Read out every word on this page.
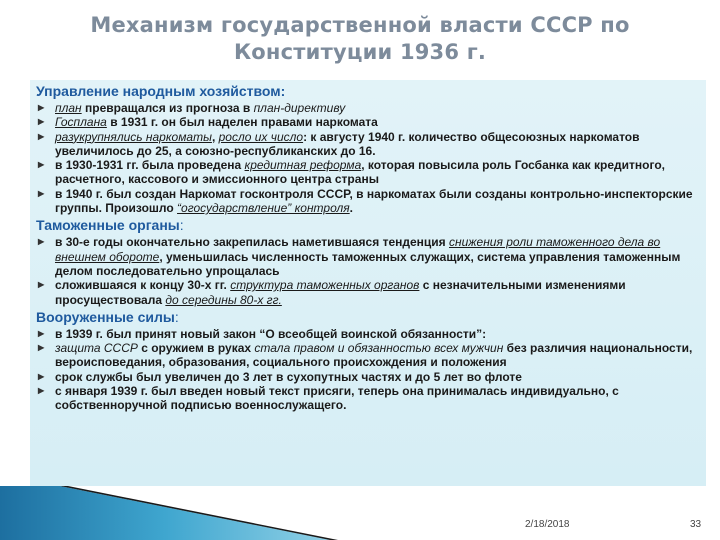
Механизм государственной власти СССР по
Конституции 1936 г.
Управление народным хозяйством:
▶ план превращался из прогноза в план-директиву
▶ Госплана в 1931 г. он был наделен правами наркомата
▶ разукрупнялись наркоматы, росло их число: к августу 1940 г. количество общесоюзных наркоматов увеличилось до 25, а союзно-республиканских до 16.
▶ в 1930-1931 гг. была проведена кредитная реформа, которая повысила роль Госбанка как кредитного, расчетного, кассового и эмиссионного центра страны
▶ в 1940 г. был создан Наркомат госконтроля СССР, в наркоматах были созданы контрольно-инспекторские группы. Произошло “огосударствление” контроля.
Таможенные органы:
▶ в 30-е годы окончательно закрепилась наметившаяся тенденция снижения роли таможенного дела во внешнем обороте, уменьшилась численность таможенных служащих, система управления таможенным делом последовательно упрощалась
▶ сложившаяся к концу 30-х гг. структура таможенных органов с незначительными изменениями просуществовала до середины 80-х гг.
Вооруженные силы:
▶ в 1939 г. был принят новый закон “О всеобщей воинской обязанности”:
▶ защита СССР с оружием в руках стала правом и обязанностью всех мужчин без различия национальности, вероисповедания, образования, социального происхождения и положения
▶ срок службы был увеличен до 3 лет в сухопутных частях и до 5 лет во флоте
▶ с января 1939 г. был введен новый текст присяги, теперь она принималась индивидуально, с собственноручной подписью военнослужащего.
2/18/2018	33
